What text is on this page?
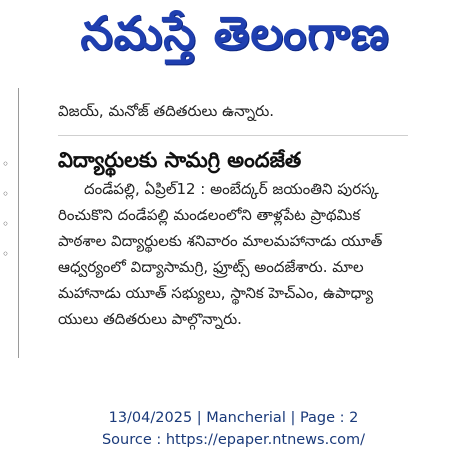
నమస్తే తెలంగాణ
◦
◦
◦
◦
విజయ్, మనోజ్ తదితరులు ఉన్నారు.
విద్యార్థులకు సామగ్రి అందజేత
దండేపల్లి, ఏప్రిల్12 : అంబేద్కర్ జయంతిని పురస్క
రించుకొని దండేపల్లి మండలంలోని తాళ్లపేట ప్రాథమిక
పాఠశాల విద్యార్థులకు శనివారం మాలమహానాడు యూత్
ఆధ్వర్యంలో విద్యాసామగ్రి, ఫ్రూట్స్ అందజేశారు. మాల
మహానాడు యూత్ సభ్యులు, స్థానిక హెచ్ఎం, ఉపాధ్యా
యులు తదితరులు పాల్గొన్నారు.
13/04/2025 | Mancherial | Page : 2
Source : https://epaper.ntnews.com/
